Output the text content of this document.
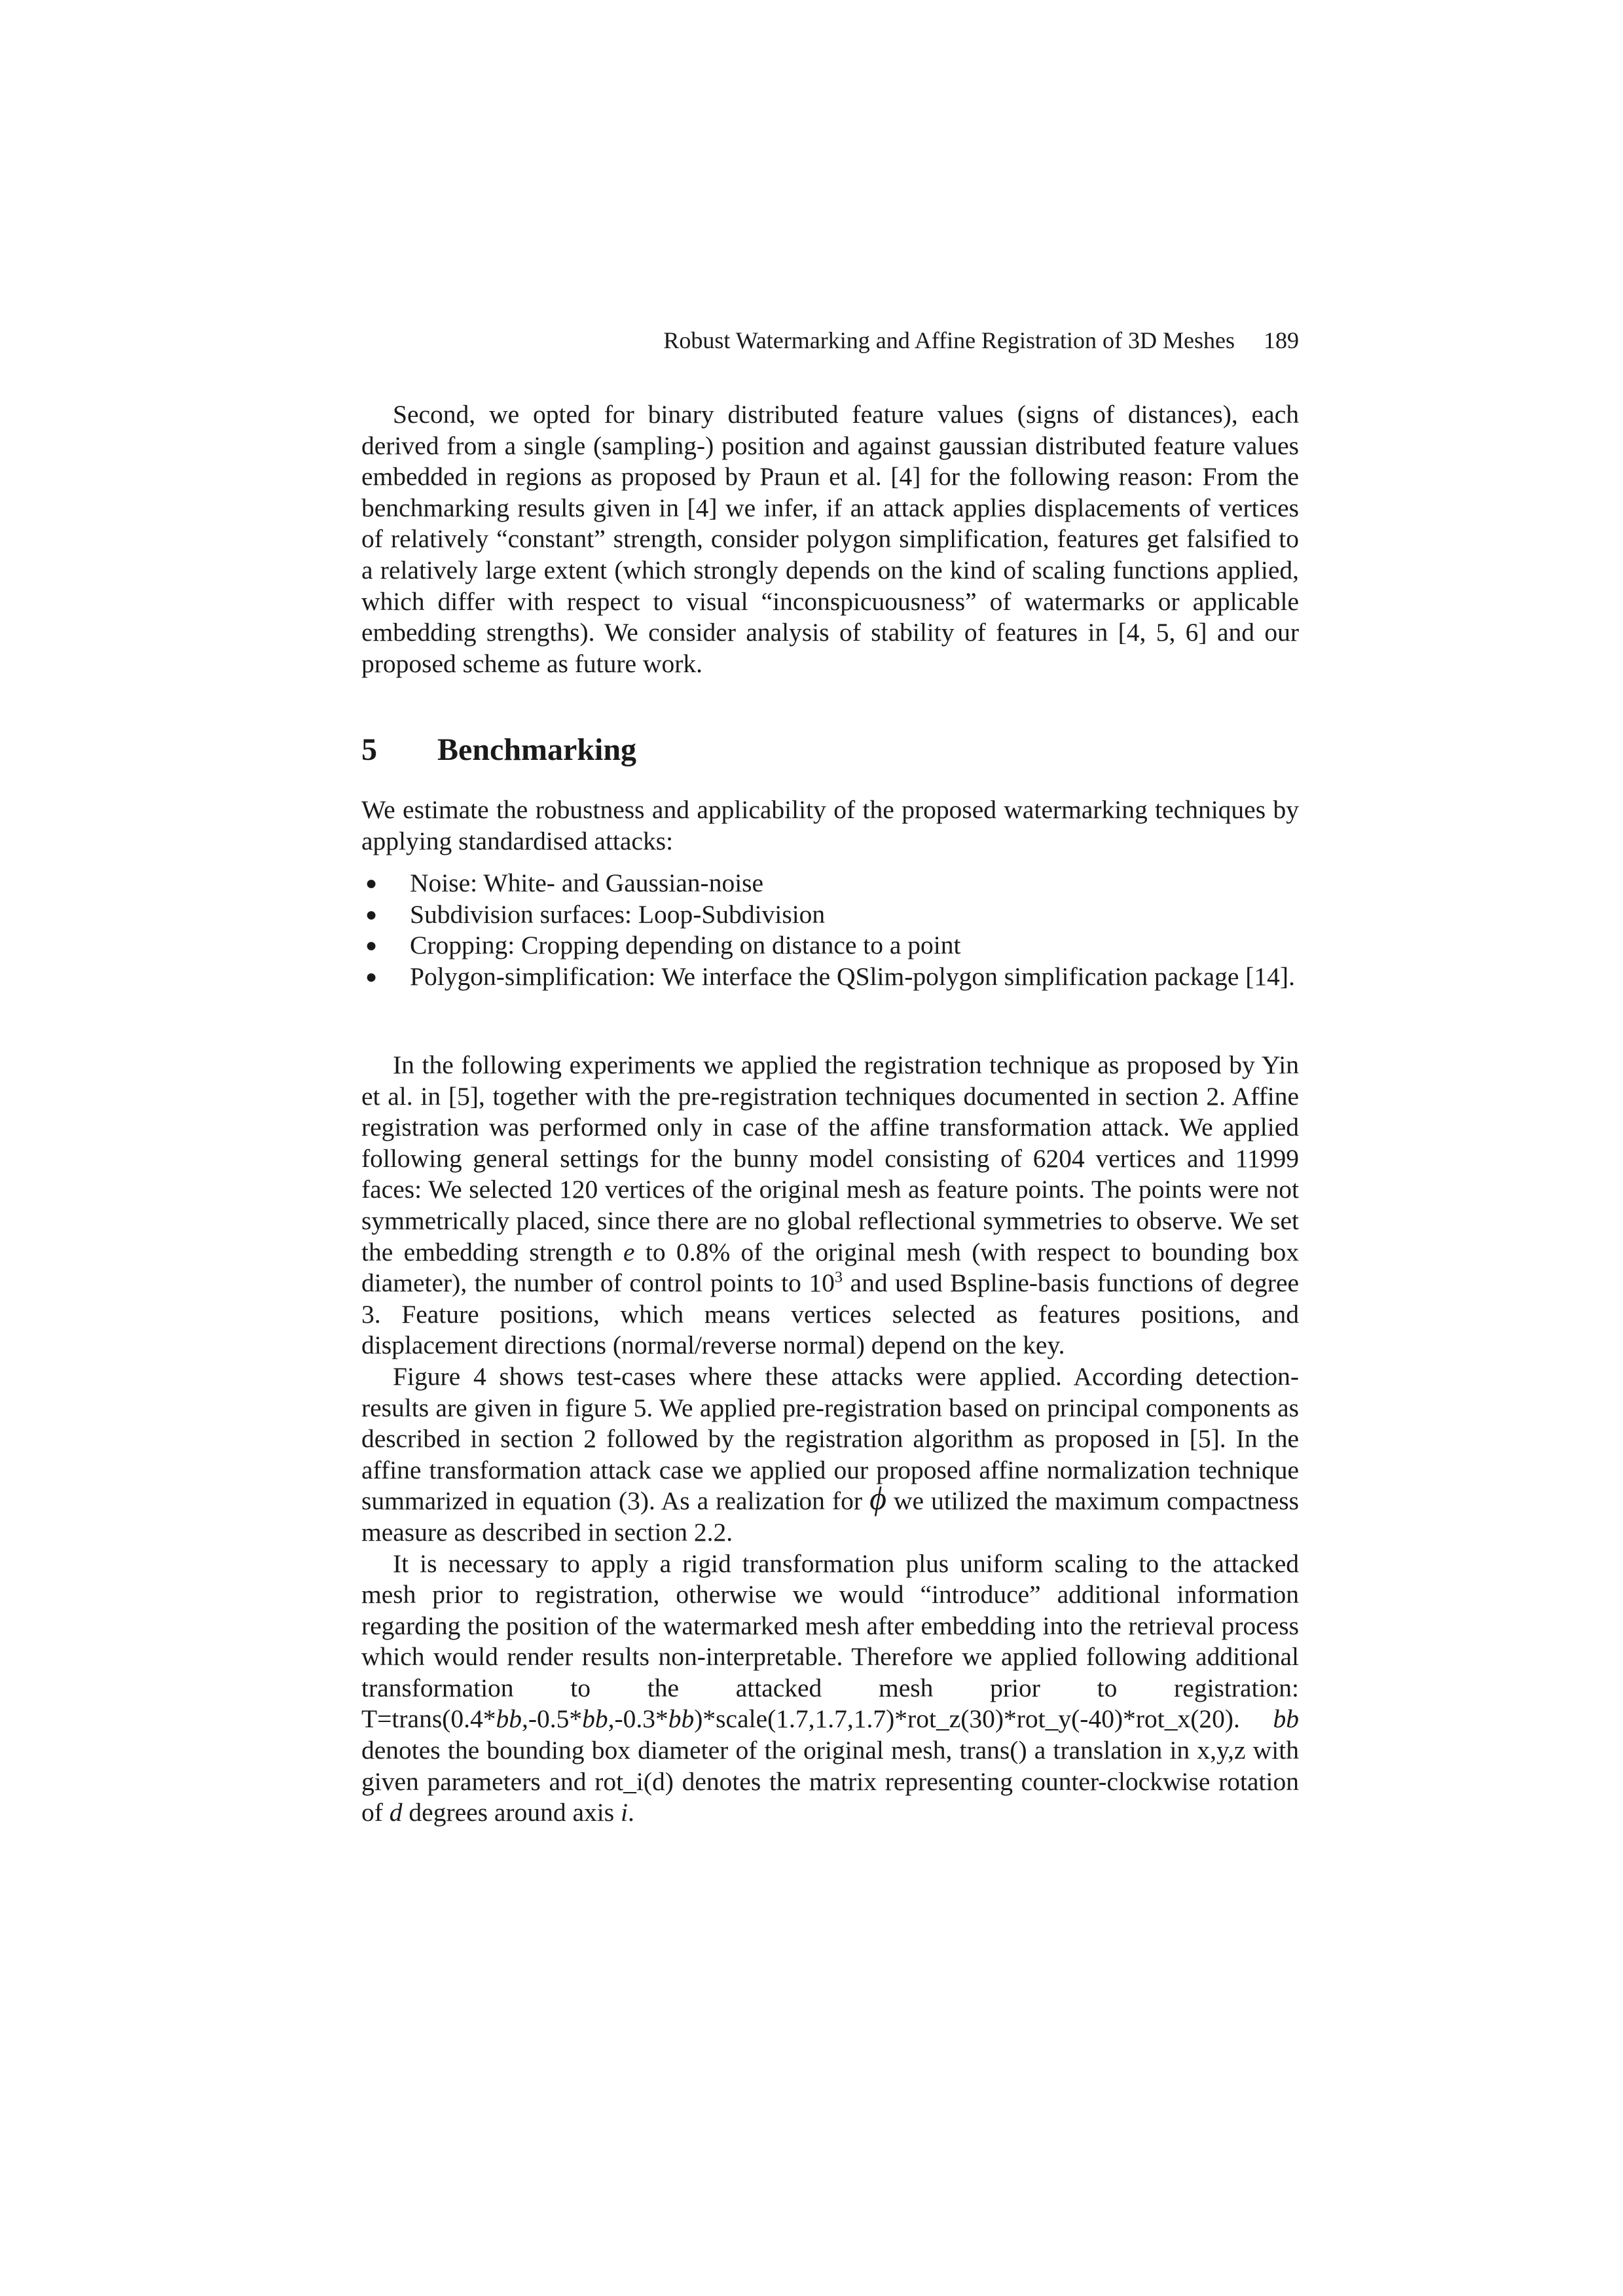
Robust Watermarking and Affine Registration of 3D Meshes 189

Second, we opted for binary distributed feature values (signs of distances), each derived from a single (sampling-) position and against gaussian distributed feature values embedded in regions as proposed by Praun et al. [4] for the following reason: From the benchmarking results given in [4] we infer, if an attack applies displacements of vertices of relatively “constant” strength, consider polygon simplification, features get falsified to a relatively large extent (which strongly depends on the kind of scaling functions applied, which differ with respect to visual “inconspicuousness” of watermarks or applicable embedding strengths). We consider analysis of stability of features in [4, 5, 6] and our proposed scheme as future work.

5 Benchmarking

We estimate the robustness and applicability of the proposed watermarking techniques by applying standardised attacks:

● Noise: White- and Gaussian-noise
● Subdivision surfaces: Loop-Subdivision
● Cropping: Cropping depending on distance to a point
● Polygon-simplification: We interface the QSlim-polygon simplification package [14].

In the following experiments we applied the registration technique as proposed by Yin et al. in [5], together with the pre-registration techniques documented in section 2. Affine registration was performed only in case of the affine transformation attack. We applied following general settings for the bunny model consisting of 6204 vertices and 11999 faces: We selected 120 vertices of the original mesh as feature points. The points were not symmetrically placed, since there are no global reflectional symmetries to observe. We set the embedding strength e to 0.8% of the original mesh (with respect to bounding box diameter), the number of control points to $10^3$ and used Bspline-basis functions of degree 3. Feature positions, which means vertices selected as features positions, and displacement directions (normal/reverse normal) depend on the key.

Figure 4 shows test-cases where these attacks were applied. According detection-results are given in figure 5. We applied pre-registration based on principal components as described in section 2 followed by the registration algorithm as proposed in [5]. In the affine transformation attack case we applied our proposed affine normalization technique summarized in equation (3). As a realization for ϕ we utilized the maximum compactness measure as described in section 2.2.

It is necessary to apply a rigid transformation plus uniform scaling to the attacked mesh prior to registration, otherwise we would “introduce” additional information regarding the position of the watermarked mesh after embedding into the retrieval process which would render results non-interpretable. Therefore we applied following additional transformation to the attacked mesh prior to registration: T=trans(0.4*bb,-0.5*bb,-0.3*bb)*scale(1.7,1.7,1.7)*rot_z(30)*rot_y(-40)*rot_x(20). bb denotes the bounding box diameter of the original mesh, trans() a translation in x,y,z with given parameters and rot_i(d) denotes the matrix representing counter-clockwise rotation of d degrees around axis i.
